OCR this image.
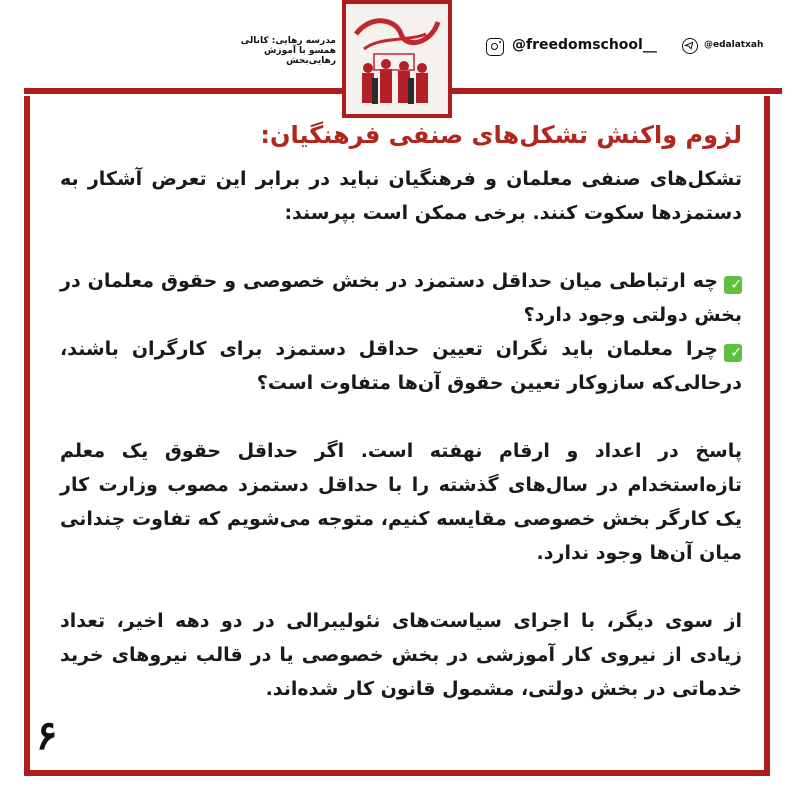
مدرسه رهایی: کانالی همسو با آموزش رهایی‌بخش
@freedomschool__	@edalatxah
لزوم واکنش تشکل‌های صنفی فرهنگیان:

تشکل‌های صنفی معلمان و فرهنگیان نباید در برابر این تعرض آشکار به دستمزدها سکوت کنند. برخی ممکن است بپرسند:

✓چه ارتباطی میان حداقل دستمزد در بخش خصوصی و حقوق معلمان در بخش دولتی وجود دارد؟

✓چرا معلمان باید نگران تعیین حداقل دستمزد برای کارگران باشند، درحالی‌که سازوکار تعیین حقوق آن‌ها متفاوت است؟

پاسخ در اعداد و ارقام نهفته است. اگر حداقل حقوق یک معلم تازه‌استخدام در سال‌های گذشته را با حداقل دستمزد مصوب وزارت کار یک کارگر بخش خصوصی مقایسه کنیم، متوجه می‌شویم که تفاوت چندانی میان آن‌ها وجود ندارد.

از سوی دیگر، با اجرای سیاست‌های نئولیبرالی در دو دهه اخیر، تعداد زیادی از نیروی کار آموزشی در بخش خصوصی یا در قالب نیروهای خرید خدماتی در بخش دولتی، مشمول قانون کار شده‌اند.

۶
